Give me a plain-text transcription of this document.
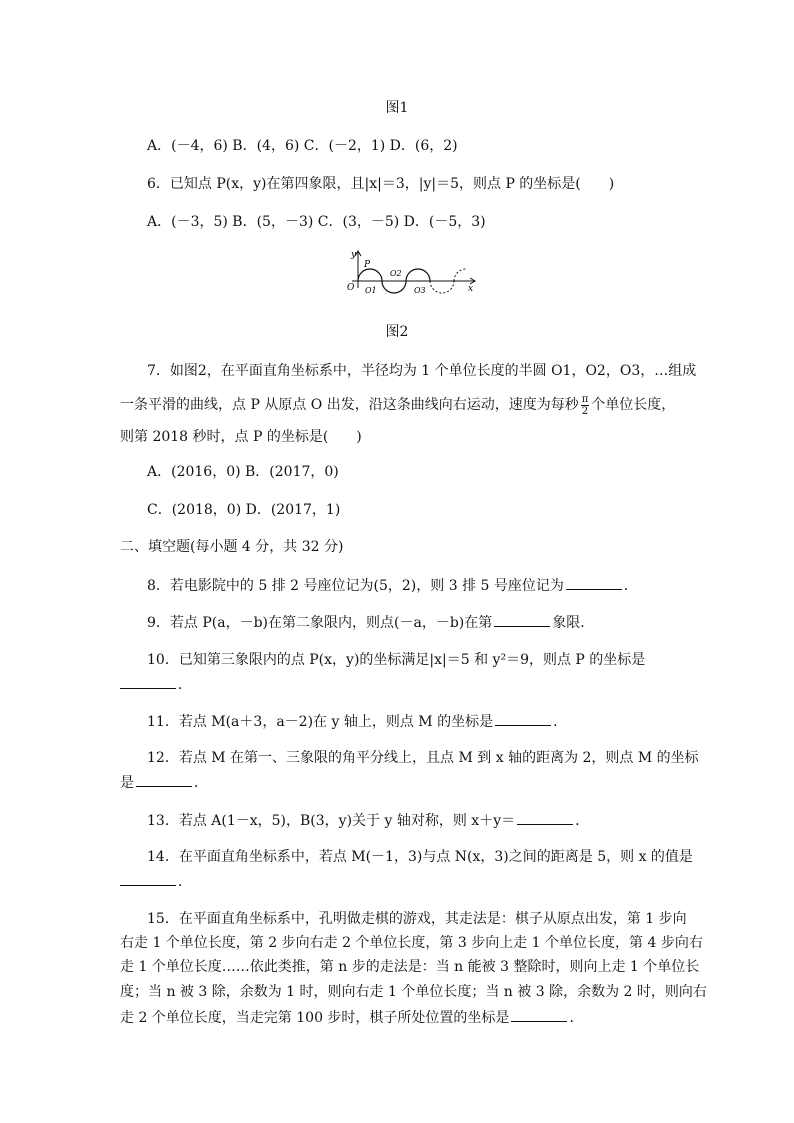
图1
A．(－4，6) B．(4，6) C．(－2，1) D．(6，2)
6．已知点 P(x，y)在第四象限，且|x|＝3，|y|＝5，则点 P 的坐标是(　　)
A．(－3，5) B．(5，－3) C．(3，－5) D．(－5，3)
y
P
O O1
O2
O3	x
图2
7．如图2，在平面直角坐标系中，半径均为 1 个单位长度的半圆 O1，O2，O3，…组成
一条平滑的曲线，点 P 从原点 O 出发，沿这条曲线向右运动，速度为每秒 $\frac{\pi}{2}$ 个单位长度，
则第 2018 秒时，点 P 的坐标是(　　)
A．(2016，0) B．(2017，0)
C．(2018，0) D．(2017，1)
二、填空题(每小题 4 分，共 32 分)
8．若电影院中的 5 排 2 号座位记为(5，2)，则 3 排 5 号座位记为	．
9．若点 P(a，－b)在第二象限内，则点(－a，－b)在第	象限．
10．已知第三象限内的点 P(x，y)的坐标满足|x|＝5 和 y²＝9，则点 P 的坐标是
．
11．若点 M(a＋3，a－2)在 y 轴上，则点 M 的坐标是	．
12．若点 M 在第一、三象限的角平分线上，且点 M 到 x 轴的距离为 2，则点 M 的坐标
是	．
13．若点 A(1－x，5)，B(3，y)关于 y 轴对称，则 x＋y＝	．
14．在平面直角坐标系中，若点 M(－1，3)与点 N(x，3)之间的距离是 5，则 x 的值是
．
15．在平面直角坐标系中，孔明做走棋的游戏，其走法是：棋子从原点出发，第 1 步向
右走 1 个单位长度，第 2 步向右走 2 个单位长度，第 3 步向上走 1 个单位长度，第 4 步向右
走 1 个单位长度……依此类推，第 n 步的走法是：当 n 能被 3 整除时，则向上走 1 个单位长
度；当 n 被 3 除，余数为 1 时，则向右走 1 个单位长度；当 n 被 3 除，余数为 2 时，则向右
走 2 个单位长度，当走完第 100 步时，棋子所处位置的坐标是	．
